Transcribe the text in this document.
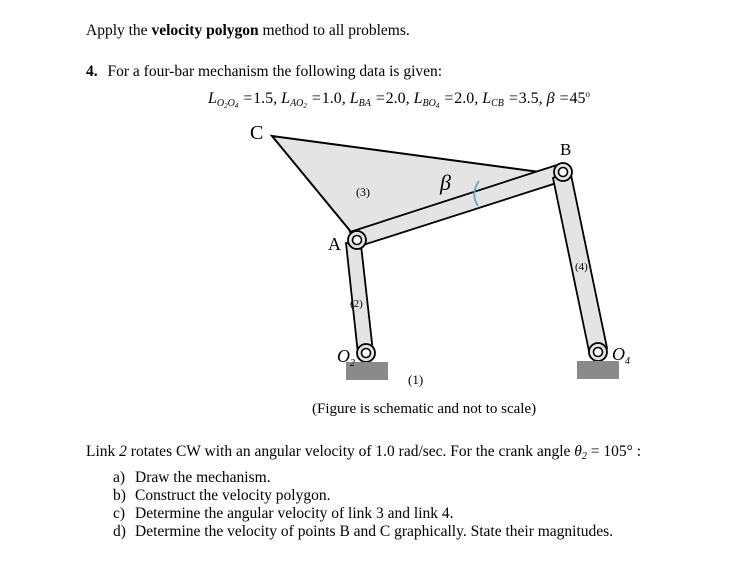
Apply the velocity polygon method to all problems.
4. For a four-bar mechanism the following data is given:
$L_{O_2O_4} =1.5$, $L_{AO_2} =1.0$, $L_{BA} =2.0$, $L_{BO_4} =2.0$, $L_{CB} =3.5$, $\beta =45^o$
C
B
A
(3)	β
(2)
(4)
$O_2$	$O_4$
(1)
(Figure is schematic and not to scale)
Link 2 rotates CW with an angular velocity of 1.0 rad/sec. For the crank angle θ2 = 105° :
a) Draw the mechanism.
b) Construct the velocity polygon.
c) Determine the angular velocity of link 3 and link 4.
d) Determine the velocity of points B and C graphically. State their magnitudes.
